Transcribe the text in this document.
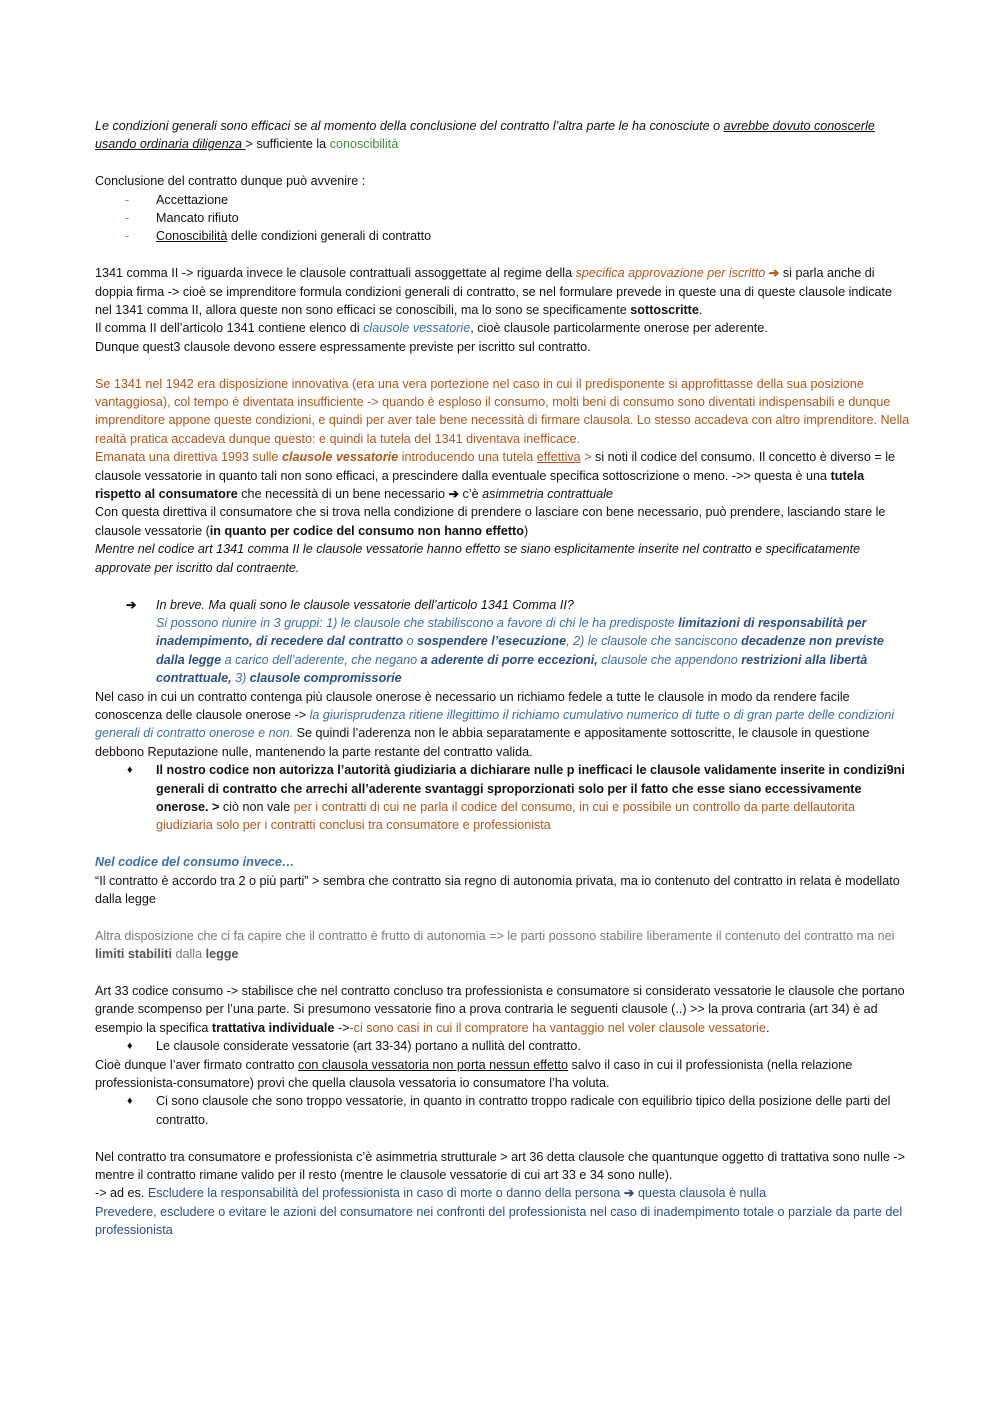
Le condizioni generali sono efficaci se al momento della conclusione del contratto l’altra parte le ha conosciute o avrebbe dovuto conoscerle usando ordinaria diligenza > sufficiente la conoscibilità

Conclusione del contratto dunque può avvenire :

- Accettazione
- Mancato rifiuto
- Conoscibilità delle condizioni generali di contratto

1341 comma II -> riguarda invece le clausole contrattuali assoggettate al regime della specifica approvazione per iscritto ➔ si parla anche di doppia firma -> cioè se imprenditore formula condizioni generali di contratto, se nel formulare prevede in queste una di queste clausole indicate nel 1341 comma II, allora queste non sono efficaci se conoscibili, ma lo sono se specificamente sottoscritte.

Il comma II dell’articolo 1341 contiene elenco di clausole vessatorie, cioè clausole particolarmente onerose per aderente.

Dunque quest3 clausole devono essere espressamente previste per iscritto sul contratto.

Se 1341 nel 1942 era disposizione innovativa (era una vera portezione nel caso in cui il predisponente si approfittasse della sua posizione vantaggiosa), col tempo è diventata insufficiente -> quando è esploso il consumo, molti beni di consumo sono diventati indispensabili e dunque imprenditore appone queste condizioni, e quindi per aver tale bene necessità di firmare clausola. Lo stesso accadeva con altro imprenditore. Nella realtà pratica accadeva dunque questo: e quindi la tutela del 1341 diventava inefficace.

Emanata una direttiva 1993 sulle clausole vessatorie introducendo una tutela effettiva > si noti il codice del consumo. Il concetto è diverso = le clausole vessatorie in quanto tali non sono efficaci, a prescindere dalla eventuale specifica sottoscrizione o meno. ->> questa è una tutela rispetto al consumatore che necessità di un bene necessario ➔ c’è asimmetria contrattuale

Con questa direttiva il consumatore che si trova nella condizione di prendere o lasciare con bene necessario, può prendere, lasciando stare le clausole vessatorie (in quanto per codice del consumo non hanno effetto)

Mentre nel codice art 1341 comma II le clausole vessatorie hanno effetto se siano esplicitamente inserite nel contratto e specificatamente approvate per iscritto dal contraente.

➔ In breve. Ma quali sono le clausole vessatorie dell’articolo 1341 Comma II?
Si possono riunire in 3 gruppi: 1) le clausole che stabiliscono a favore di chi le ha predisposte limitazioni di responsabilità per inadempimento, di recedere dal contratto o sospendere l’esecuzione, 2) le clausole che sanciscono decadenze non previste dalla legge a carico dell’aderente, che negano a aderente di porre eccezioni, clausole che appendono restrizioni alla libertà contrattuale, 3) clausole compromissorie

Nel caso in cui un contratto contenga più clausole onerose è necessario un richiamo fedele a tutte le clausole in modo da rendere facile conoscenza delle clausole onerose -> la giurisprudenza ritiene illegittimo il richiamo cumulativo numerico di tutte o di gran parte delle condizioni generali di contratto onerose e non. Se quindi l’aderenza non le abbia separatamente e appositamente sottoscritte, le clausole in questione debbono Reputazione nulle, mantenendo la parte restante del contratto valida.

♦ Il nostro codice non autorizza l’autorità giudiziaria a dichiarare nulle p inefficaci le clausole validamente inserite in condizi9ni generali di contratto che arrechi all’aderente svantaggi sproporzionati solo per il fatto che esse siano eccessivamente onerose. > ciò non vale per i contratti di cui ne parla il codice del consumo, in cui e possibile un controllo da parte dellautorita giudiziaria solo per i contratti conclusi tra consumatore e professionista

Nel codice del consumo invece…

“Il contratto è accordo tra 2 o più parti” > sembra che contratto sia regno di autonomia privata, ma io contenuto del contratto in relata è modellato dalla legge

Altra disposizione che ci fa capire che il contratto è frutto di autonomia => le parti possono stabilire liberamente il contenuto del contratto ma nei limiti stabiliti dalla legge

Art 33 codice consumo -> stabilisce che nel contratto concluso tra professionista e consumatore si considerato vessatorie le clausole che portano grande scompenso per l’una parte. Si presumono vessatorie fino a prova contraria le seguenti clausole (..) >> la prova contraria (art 34) è ad esempio la specifica trattativa individuale ->-ci sono casi in cui il compratore ha vantaggio nel voler clausole vessatorie.

♦ Le clausole considerate vessatorie (art 33-34) portano a nullità del contratto.

Cioè dunque l’aver firmato contratto con clausola vessatoria non porta nessun effetto salvo il caso in cui il professionista (nella relazione professionista-consumatore) provi che quella clausola vessatoria io consumatore l’ha voluta.

♦ Ci sono clausole che sono troppo vessatorie, in quanto in contratto troppo radicale con equilibrio tipico della posizione delle parti del contratto.

Nel contratto tra consumatore e professionista c’è asimmetria strutturale > art 36 detta clausole che quantunque oggetto di trattativa sono nulle -> mentre il contratto rimane valido per il resto (mentre le clausole vessatorie di cui art 33 e 34 sono nulle).

-> ad es. Escludere la responsabilità del professionista in caso di morte o danno della persona ➔ questa clausola è nulla

Prevedere, escludere o evitare le azioni del consumatore nei confronti del professionista nel caso di inadempimento totale o parziale da parte del professionista
